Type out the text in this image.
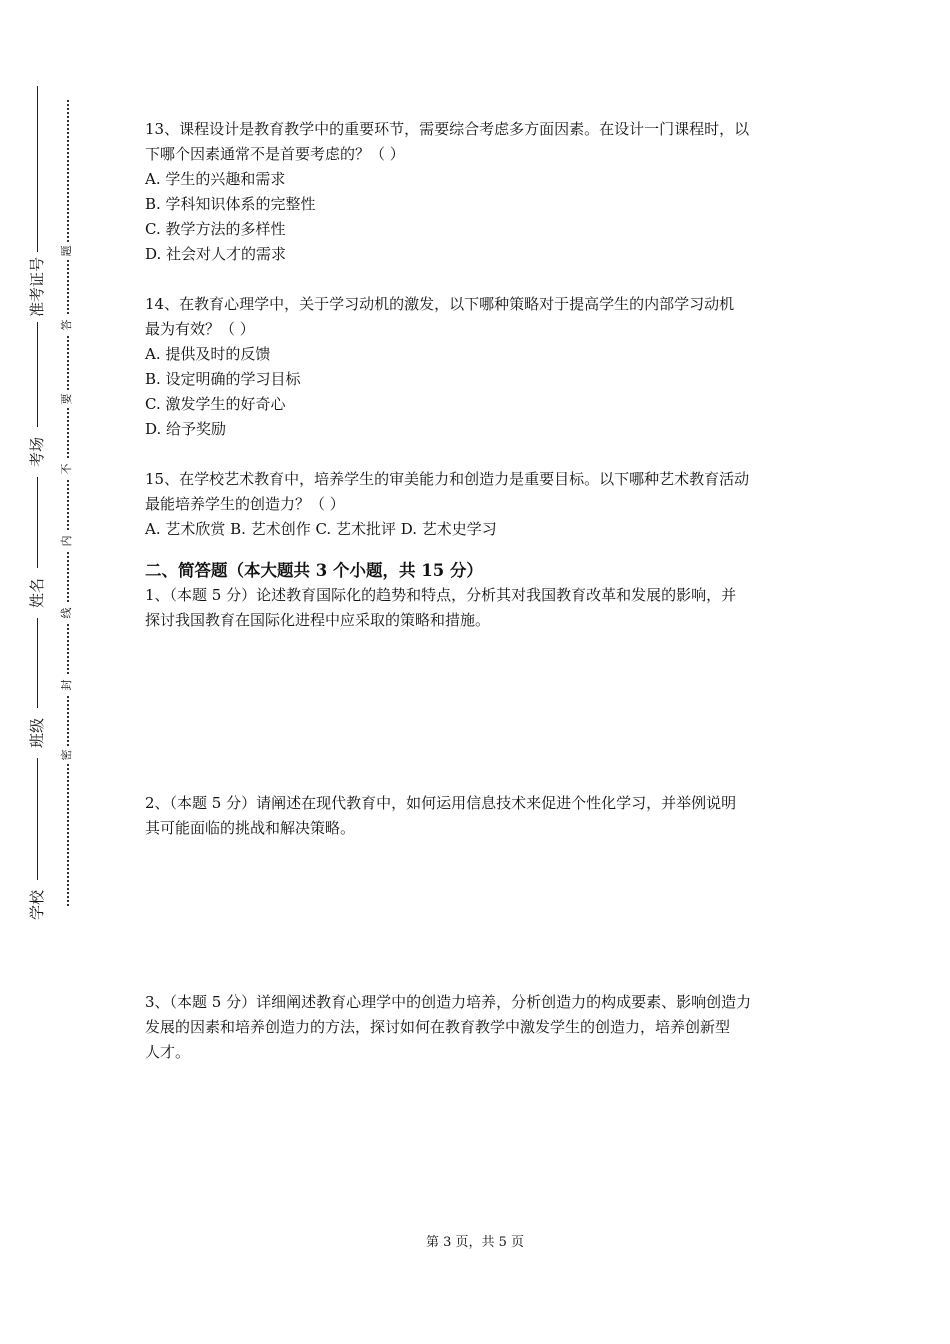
准考证号
考场
姓名
班级
学校
题
答
要
不
内
线
封
密
13、课程设计是教育教学中的重要环节，需要综合考虑多方面因素。在设计一门课程时，以
下哪个因素通常不是首要考虑的？（ ）
A. 学生的兴趣和需求
B. 学科知识体系的完整性
C. 教学方法的多样性
D. 社会对人才的需求
14、在教育心理学中，关于学习动机的激发，以下哪种策略对于提高学生的内部学习动机
最为有效？（ ）
A. 提供及时的反馈
B. 设定明确的学习目标
C. 激发学生的好奇心
D. 给予奖励
15、在学校艺术教育中，培养学生的审美能力和创造力是重要目标。以下哪种艺术教育活动
最能培养学生的创造力？（ ）
A. 艺术欣赏 B. 艺术创作 C. 艺术批评 D. 艺术史学习
二、简答题（本大题共 3 个小题，共 15 分）
1、（本题 5 分）论述教育国际化的趋势和特点，分析其对我国教育改革和发展的影响，并
探讨我国教育在国际化进程中应采取的策略和措施。
2、（本题 5 分）请阐述在现代教育中，如何运用信息技术来促进个性化学习，并举例说明
其可能面临的挑战和解决策略。
3、（本题 5 分）详细阐述教育心理学中的创造力培养，分析创造力的构成要素、影响创造力
发展的因素和培养创造力的方法，探讨如何在教育教学中激发学生的创造力，培养创新型
人才。
第 3 页，共 5 页
